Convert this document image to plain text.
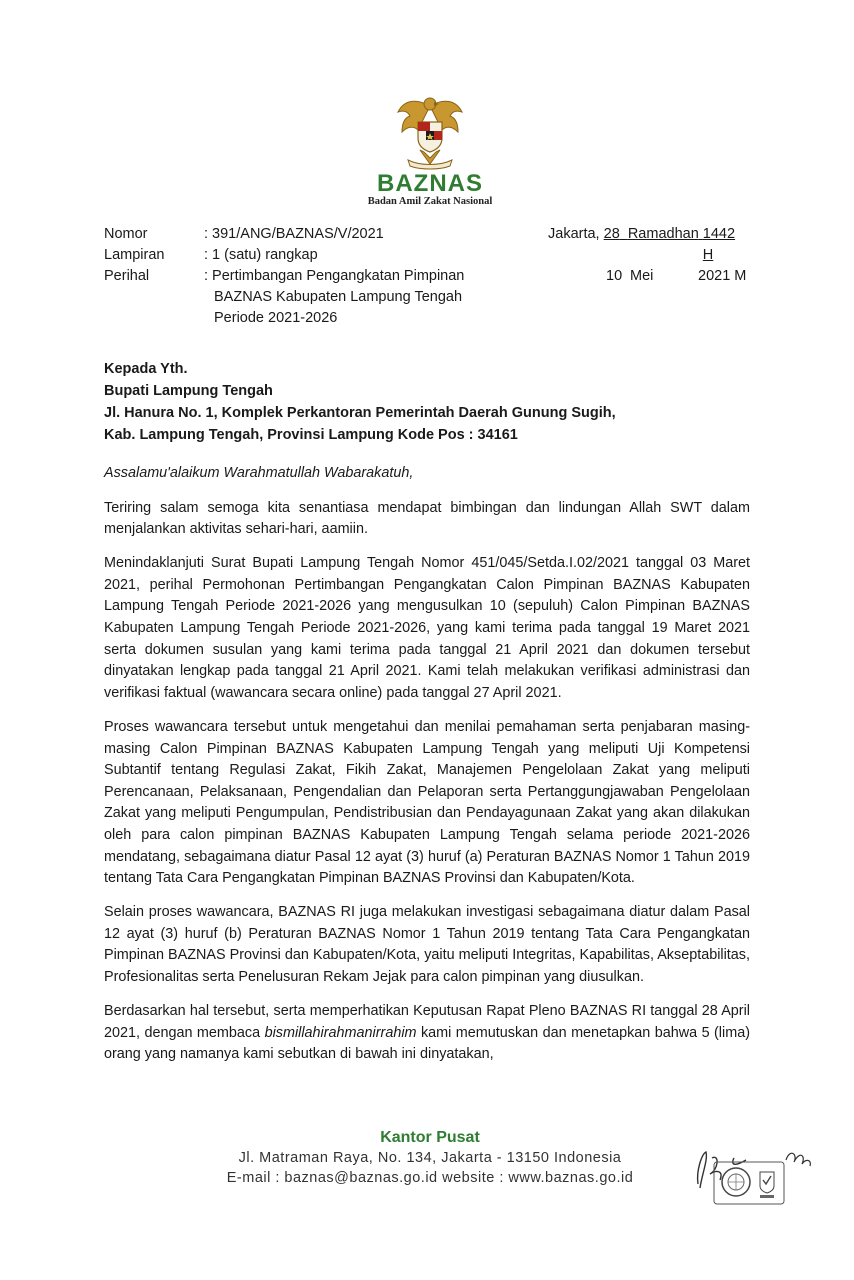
BAZNAS
Badan Amil Zakat Nasional
Nomor	: 391/ANG/BAZNAS/V/2021
Lampiran	: 1 (satu) rangkap
Perihal	: Pertimbangan Pengangkatan Pimpinan
BAZNAS Kabupaten Lampung Tengah
Periode 2021-2026
Jakarta,
28
Ramadhan
1442 H
10 Mei	2021 M
Kepada Yth.
Bupati Lampung Tengah
Jl. Hanura No. 1, Komplek Perkantoran Pemerintah Daerah Gunung Sugih,
Kab. Lampung Tengah, Provinsi Lampung Kode Pos : 34161

Assalamu'alaikum Warahmatullah Wabarakatuh,

Teriring salam semoga kita senantiasa mendapat bimbingan dan lindungan Allah SWT dalam menjalankan aktivitas sehari-hari, aamiin.

Menindaklanjuti Surat Bupati Lampung Tengah Nomor 451/045/Setda.I.02/2021 tanggal 03 Maret 2021, perihal Permohonan Pertimbangan Pengangkatan Calon Pimpinan BAZNAS Kabupaten Lampung Tengah Periode 2021-2026 yang mengusulkan 10 (sepuluh) Calon Pimpinan BAZNAS Kabupaten Lampung Tengah Periode 2021-2026, yang kami terima pada tanggal 19 Maret 2021 serta dokumen susulan yang kami terima pada tanggal 21 April 2021 dan dokumen tersebut dinyatakan lengkap pada tanggal 21 April 2021. Kami telah melakukan verifikasi administrasi dan verifikasi faktual (wawancara secara online) pada tanggal 27 April 2021.

Proses wawancara tersebut untuk mengetahui dan menilai pemahaman serta penjabaran masing-masing Calon Pimpinan BAZNAS Kabupaten Lampung Tengah yang meliputi Uji Kompetensi Subtantif tentang Regulasi Zakat, Fikih Zakat, Manajemen Pengelolaan Zakat yang meliputi Perencanaan, Pelaksanaan, Pengendalian dan Pelaporan serta Pertanggungjawaban Pengelolaan Zakat yang meliputi Pengumpulan, Pendistribusian dan Pendayagunaan Zakat yang akan dilakukan oleh para calon pimpinan BAZNAS Kabupaten Lampung Tengah selama periode 2021-2026 mendatang, sebagaimana diatur Pasal 12 ayat (3) huruf (a) Peraturan BAZNAS Nomor 1 Tahun 2019 tentang Tata Cara Pengangkatan Pimpinan BAZNAS Provinsi dan Kabupaten/Kota.

Selain proses wawancara, BAZNAS RI juga melakukan investigasi sebagaimana diatur dalam Pasal 12 ayat (3) huruf (b) Peraturan BAZNAS Nomor 1 Tahun 2019 tentang Tata Cara Pengangkatan Pimpinan BAZNAS Provinsi dan Kabupaten/Kota, yaitu meliputi Integritas, Kapabilitas, Akseptabilitas, Profesionalitas serta Penelusuran Rekam Jejak para calon pimpinan yang diusulkan.

Berdasarkan hal tersebut, serta memperhatikan Keputusan Rapat Pleno BAZNAS RI tanggal 28 April 2021, dengan membaca bismillahirahmanirrahim kami memutuskan dan menetapkan bahwa 5 (lima) orang yang namanya kami sebutkan di bawah ini dinyatakan,

Kantor Pusat
Jl. Matraman Raya, No. 134, Jakarta - 13150 Indonesia
E-mail : baznas@baznas.go.id website : www.baznas.go.id
